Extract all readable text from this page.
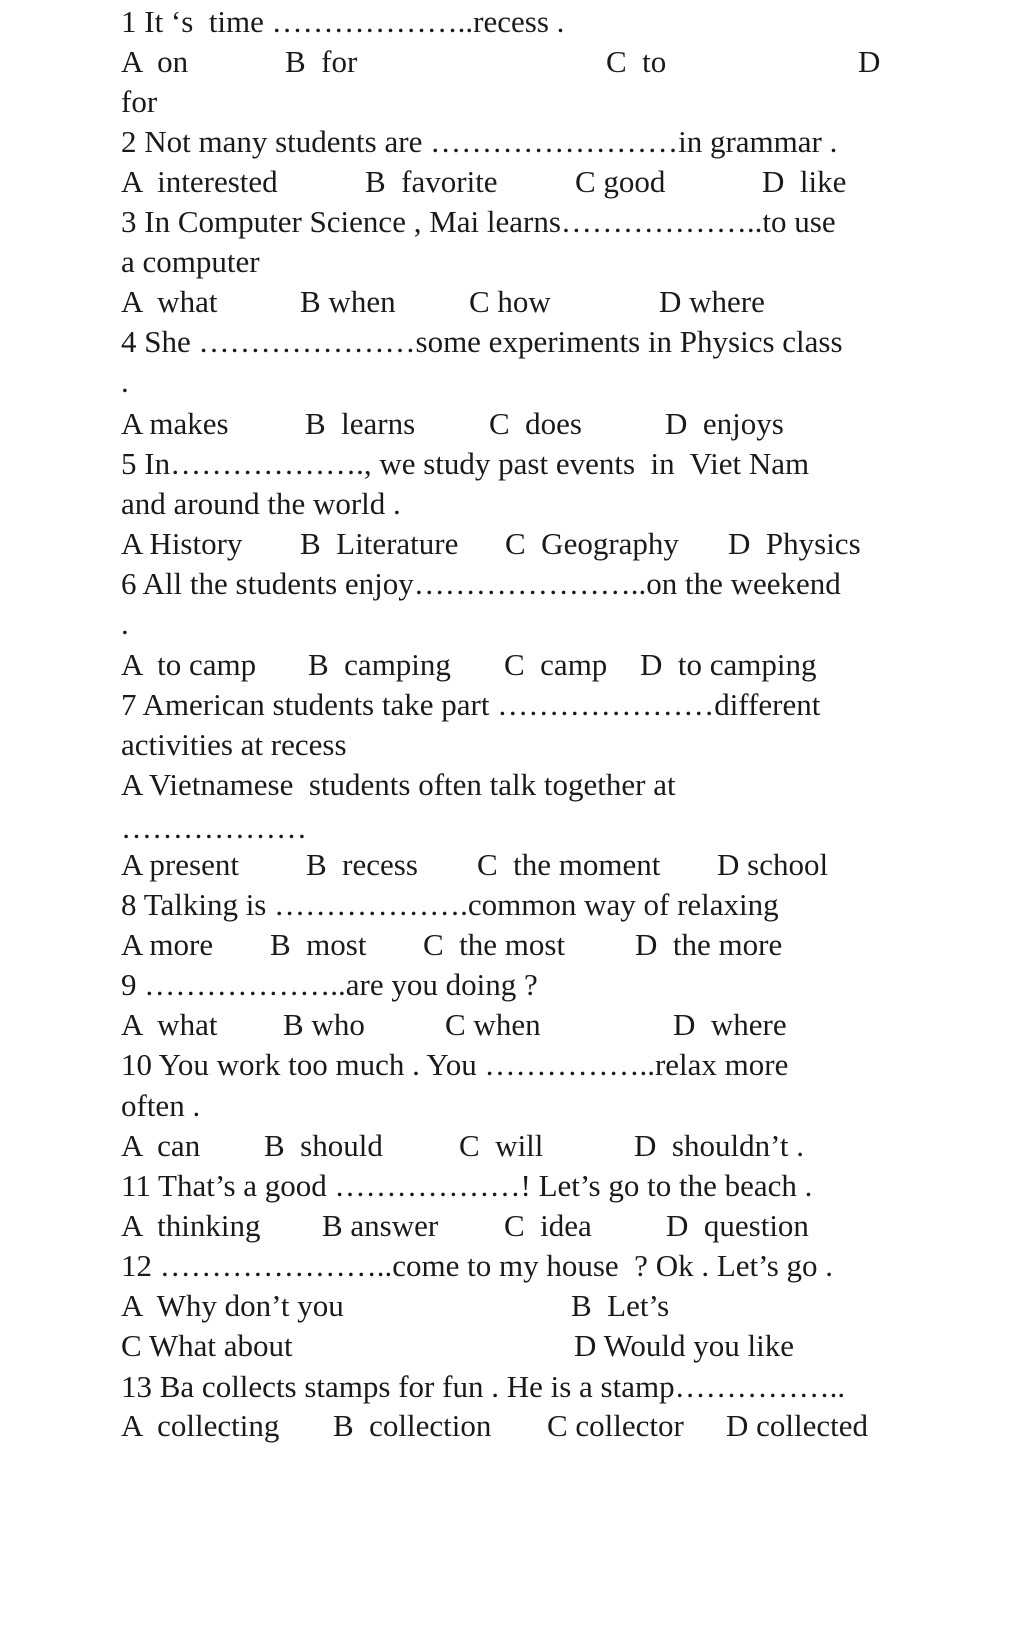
1 It ‘s  time ………………..recess .

A  on

	B  for

	C  to

	D

for
2 Not many students are ……………………in grammar .

A  interested

	B  favorite

C good

	D  like

3 In Computer Science , Mai learns………………..to use
a computer

A  what

	B when

C how

	D where

4 She …………………some experiments in Physics class
.

A makes

B  learns

C  does

	D  enjoys

5 In………………., we study past events  in  Viet Nam
and around the world .

A History

B  Literature

C  Geography

D  Physics

6 All the students enjoy…………………..on the weekend
.

A  to camp

B  camping

C  camp

D  to camping

7 American students take part …………………different
activities at recess
A Vietnamese  students often talk together at
………………

A present

B  recess

C  the moment

D school

8 Talking is ……………….common way of relaxing

A more

B  most

C  the most

D  the more

9 ………………..are you doing ?

A  what

B who

	C when

	D  where

10 You work too much . You ……………..relax more
often .

A  can

B  should

C  will

	D  shouldn’t .

11 That’s a good ………………! Let’s go to the beach .

A  thinking

B answer

C  idea

D  question

12 …………………..come to my house  ? Ok . Let’s go .

A  Why don’t you

	B  Let’s

C What about

	D Would you like

13 Ba collects stamps for fun . He is a stamp……………..

A  collecting

B  collection

C collector

D collected
